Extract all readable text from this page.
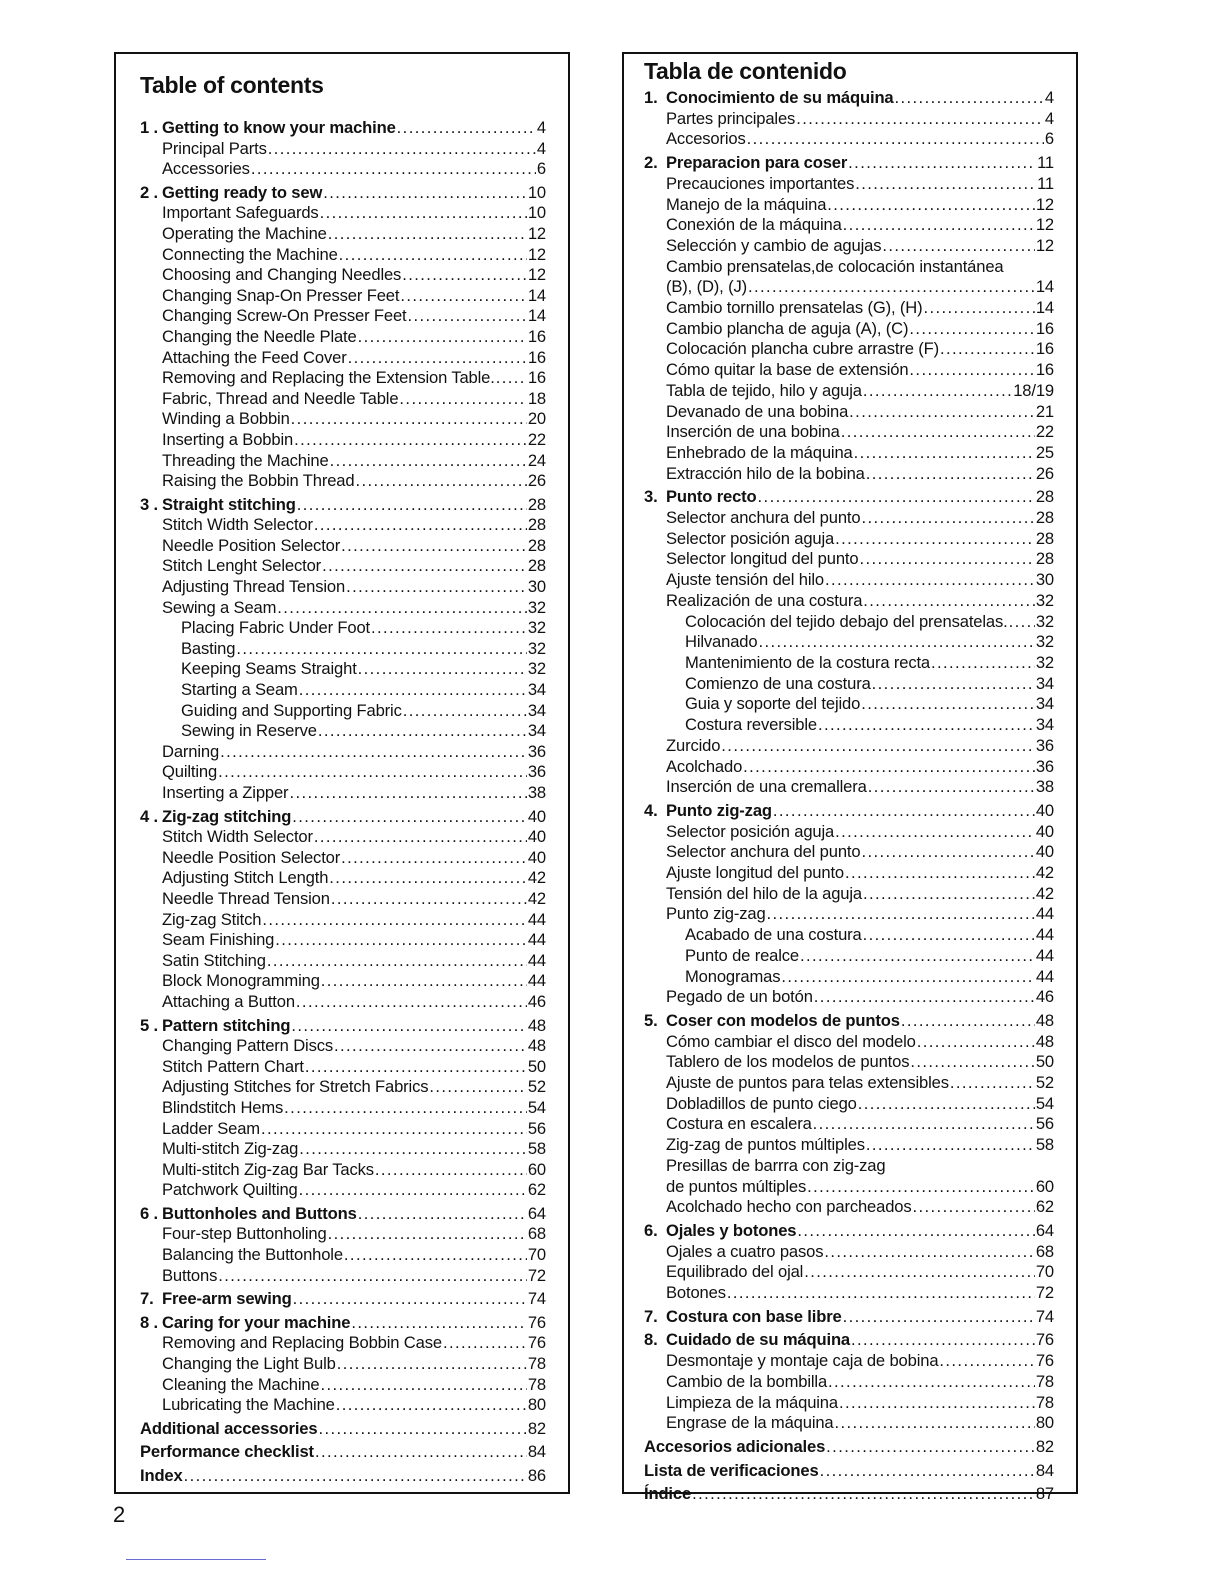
Table of contents
1 . Getting to know your machine .....	4
Principal Parts .....	4
Accessories .....	6
2 . Getting ready to sew .....	10
Important Safeguards .....	10
Operating the Machine .....	12
Connecting the Machine .....	12
Choosing and Changing Needles .....	12
Changing Snap-On Presser Feet .....	14
Changing Screw-On Presser Feet .....	14
Changing the Needle Plate .....	16
Attaching the Feed Cover .....	16
Removing and Replacing the Extension Table. ..... 16
Fabric, Thread and Needle Table .....	18
Winding a Bobbin .....	20
Inserting a Bobbin .....	22
Threading the Machine .....	24
Raising the Bobbin Thread .....	26
3 . Straight stitching .....	28
Stitch Width Selector .....	28
Needle Position Selector .....	28
Stitch Lenght Selector .....	28
Adjusting Thread Tension .....	30
Sewing a Seam .....	32
Placing Fabric Under Foot .....	32
Basting .....	32
Keeping Seams Straight .....	32
Starting a Seam .....	34
Guiding and Supporting Fabric .....	34
Sewing in Reserve .....	34
Darning .....	36
Quilting .....	36
Inserting a Zipper .....	38
4 . Zig-zag stitching .....	40
Stitch Width Selector .....	40
Needle Position Selector .....	40
Adjusting Stitch Length .....	42
Needle Thread Tension .....	42
Zig-zag Stitch .....	44
Seam Finishing .....	44
Satin Stitching .....	44
Block Monogramming .....	44
Attaching a Button .....	46
5 . Pattern stitching .....	48
Changing Pattern Discs .....	48
Stitch Pattern Chart .....	50
Adjusting Stitches for Stretch Fabrics .....	52
Blindstitch Hems .....	54
Ladder Seam .....	56
Multi-stitch Zig-zag .....	58
Multi-stitch Zig-zag Bar Tacks .....	60
Patchwork Quilting .....	62
6 . Buttonholes and Buttons .....	64
Four-step Buttonholing .....	68
Balancing the Buttonhole .....	70
Buttons .....	72
7. Free-arm sewing .....	74
8 . Caring for your machine .....	76
Removing and Replacing Bobbin Case .....	76
Changing the Light Bulb .....	78
Cleaning the Machine .....	78
Lubricating the Machine .....	80
Additional accessories .....	82
Performance checklist .....	84
Index .....	86
Tabla de contenido
1. Conocimiento de su máquina .....	4
Partes principales .....	4
Accesorios .....	6
2. Preparacion para coser .....	11
Precauciones importantes .....	11
Manejo de la máquina .....	12
Conexión de la máquina .....	12
Selección y cambio de agujas .....	12
Cambio prensatelas,de colocación instantánea
(B), (D), (J) .....	14
Cambio tornillo prensatelas (G), (H) .....	14
Cambio plancha de aguja (A), (C) .....	16
Colocación plancha cubre arrastre (F) .....	16
Cómo quitar la base de extensión .....	16
Tabla de tejido, hilo y aguja .....	18/19
Devanado de una bobina .....	21
Inserción de una bobina .....	22
Enhebrado de la máquina .....	25
Extracción hilo de la bobina .....	26
3. Punto recto .....	28
Selector anchura del punto .....	28
Selector posición aguja .....	28
Selector longitud del punto .....	28
Ajuste tensión del hilo .....	30
Realización de una costura .....	32
Colocación del tejido debajo del prensatelas. ..... 32
Hilvanado .....	32
Mantenimiento de la costura recta .....	32
Comienzo de una costura .....	34
Guia y soporte del tejido .....	34
Costura reversible .....	34
Zurcido .....	36
Acolchado .....	36
Inserción de una cremallera .....	38
4. Punto zig-zag .....	40
Selector posición aguja .....	40
Selector anchura del punto .....	40
Ajuste longitud del punto .....	42
Tensión del hilo de la aguja .....	42
Punto zig-zag .....	44
Acabado de una costura .....	44
Punto de realce .....	44
Monogramas .....	44
Pegado de un botón .....	46
5. Coser con modelos de puntos .....	48
Cómo cambiar el disco del modelo .....	48
Tablero de los modelos de puntos .....	50
Ajuste de puntos para telas extensibles .....	52
Dobladillos de punto ciego .....	54
Costura en escalera .....	56
Zig-zag de puntos múltiples .....	58
Presillas de barrra con zig-zag
de puntos múltiples .....	60
Acolchado hecho con parcheados .....	62
6. Ojales y botones .....	64
Ojales a cuatro pasos .....	68
Equilibrado del ojal .....	70
Botones .....	72
7. Costura con base libre .....	74
8. Cuidado de su máquina .....	76
Desmontaje y montaje caja de bobina .....	76
Cambio de la bombilla .....	78
Limpieza de la máquina .....	78
Engrase de la máquina .....	80
Accesorios adicionales .....	82
Lista de verificaciones .....	84
Índice .....	87
2
